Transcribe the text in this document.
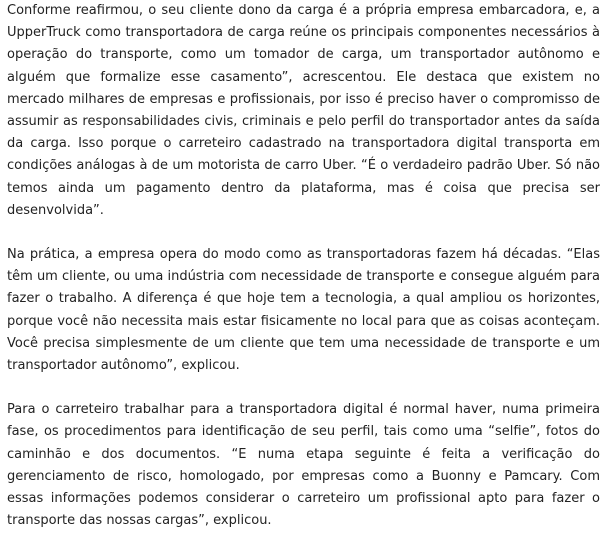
Conforme reafirmou, o seu cliente dono da carga é a própria empresa embarcadora, e, a UpperTruck como transportadora de carga reúne os principais componentes necessários à operação do transporte, como um tomador de carga, um transportador autônomo e alguém que formalize esse casamento”, acrescentou. Ele destaca que existem no mercado milhares de empresas e profissionais, por isso é preciso haver o compromisso de assumir as responsabilidades civis, criminais e pelo perfil do transportador antes da saída da carga. Isso porque o carreteiro cadastrado na transportadora digital transporta em condições análogas à de um motorista de carro Uber. “É o verdadeiro padrão Uber. Só não temos ainda um pagamento dentro da plataforma, mas é coisa que precisa ser desenvolvida”.

Na prática, a empresa opera do modo como as transportadoras fazem há décadas. “Elas têm um cliente, ou uma indústria com necessidade de transporte e consegue alguém para fazer o trabalho. A diferença é que hoje tem a tecnologia, a qual ampliou os horizontes, porque você não necessita mais estar fisicamente no local para que as coisas aconteçam. Você precisa simplesmente de um cliente que tem uma necessidade de transporte e um transportador autônomo”, explicou.

Para o carreteiro trabalhar para a transportadora digital é normal haver, numa primeira fase, os procedimentos para identificação de seu perfil, tais como uma “selfie”, fotos do caminhão e dos documentos. “E numa etapa seguinte é feita a verificação do gerenciamento de risco, homologado, por empresas como a Buonny e Pamcary. Com essas informações podemos considerar o carreteiro um profissional apto para fazer o transporte das nossas cargas”, explicou.
